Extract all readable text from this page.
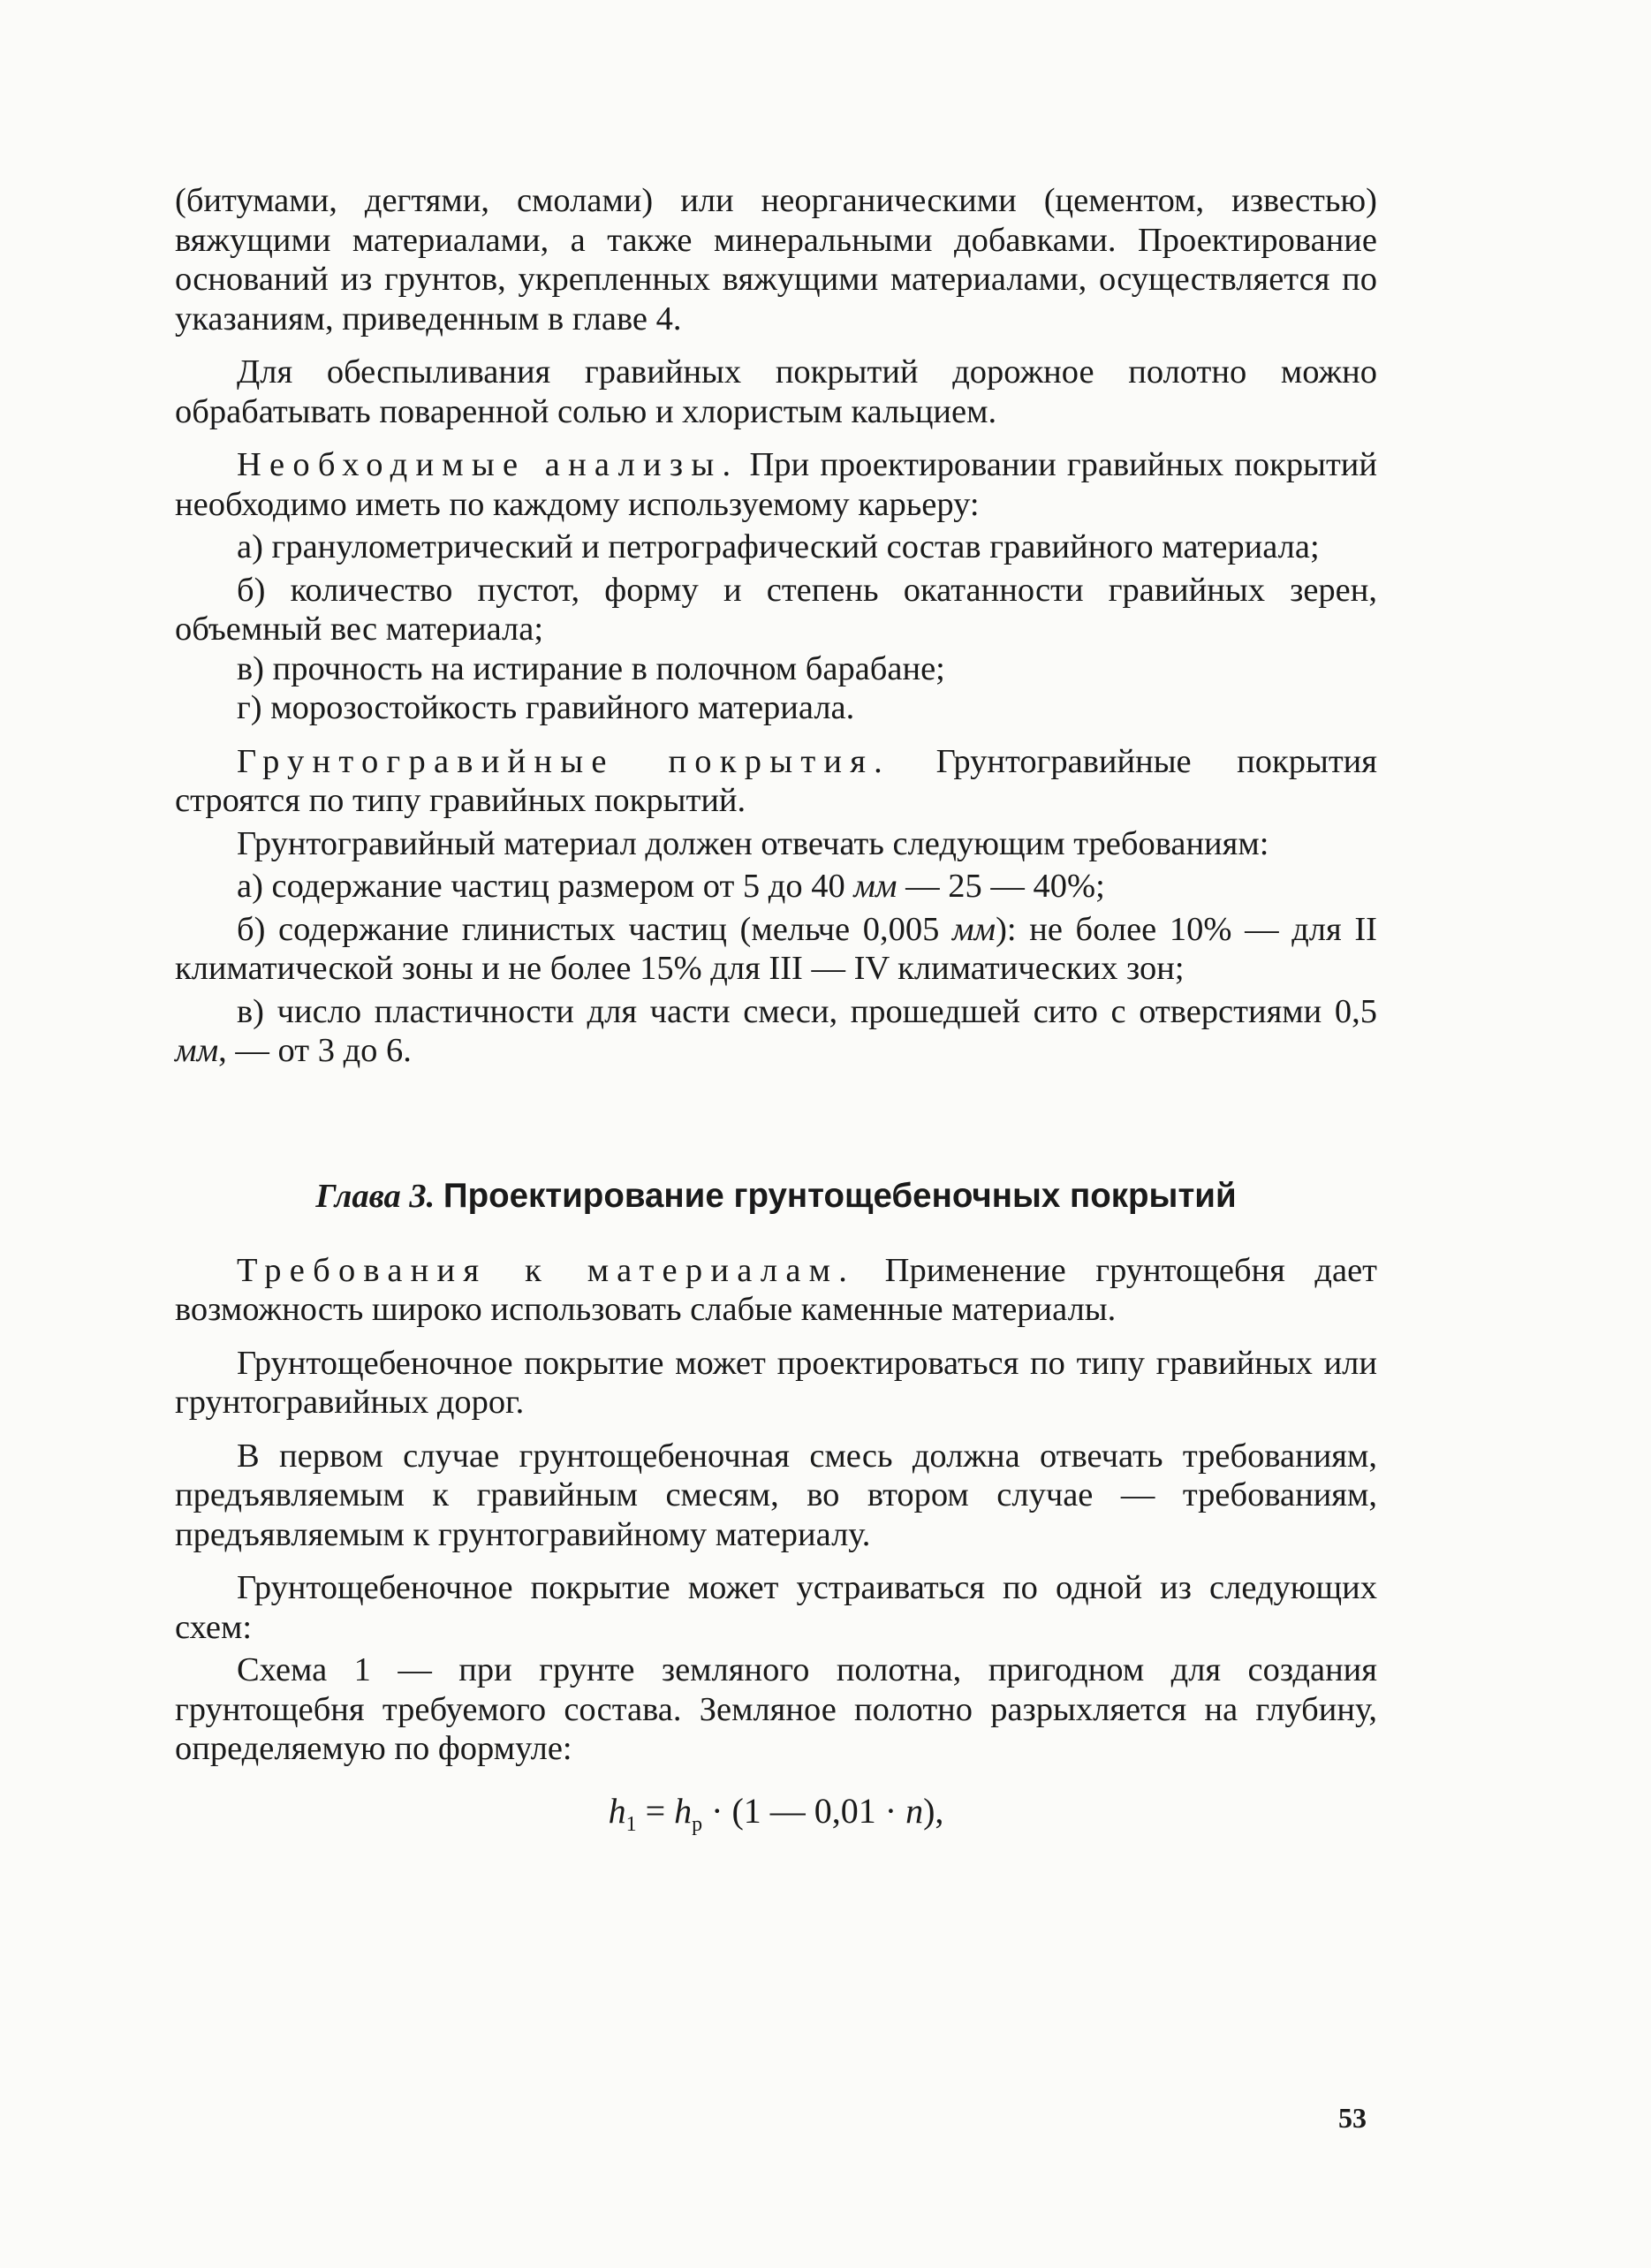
(битумами, дегтями, смолами) или неорганическими (цементом, известью) вяжущими материалами, а также минеральными добавками. Проектирование оснований из грунтов, укрепленных вяжущими материалами, осуществляется по указаниям, приведенным в главе 4.

Для обеспыливания гравийных покрытий дорожное полотно можно обрабатывать поваренной солью и хлористым кальцием.

Необходимые анализы. При проектировании гравийных покрытий необходимо иметь по каждому используемому карьеру:

а) гранулометрический и петрографический состав гравийного материала;

б) количество пустот, форму и степень окатанности гравийных зерен, объемный вес материала;

в) прочность на истирание в полочном барабане;

г) морозостойкость гравийного материала.

Грунтогравийные покрытия. Грунтогравийные покрытия строятся по типу гравийных покрытий.

Грунтогравийный материал должен отвечать следующим требованиям:

а) содержание частиц размером от 5 до 40 мм — 25 — 40%;

б) содержание глинистых частиц (мельче 0,005 мм): не более 10% — для II климатической зоны и не более 15% для III — IV климатических зон;

в) число пластичности для части смеси, прошедшей сито с отверстиями 0,5 мм, — от 3 до 6.

Глава 3. Проектирование грунтощебеночных покрытий

Требования к материалам. Применение грунтощебня дает возможность широко использовать слабые каменные материалы.

Грунтощебеночное покрытие может проектироваться по типу гравийных или грунтогравийных дорог.

В первом случае грунтощебеночная смесь должна отвечать требованиям, предъявляемым к гравийным смесям, во втором случае — требованиям, предъявляемым к грунтогравийному материалу.

Грунтощебеночное покрытие может устраиваться по одной из следующих схем:

Схема 1 — при грунте земляного полотна, пригодном для создания грунтощебня требуемого состава. Земляное полотно разрыхляется на глубину, определяемую по формуле:

$h_1 = h_р \cdot (1$ — 0,01 · n),
53
